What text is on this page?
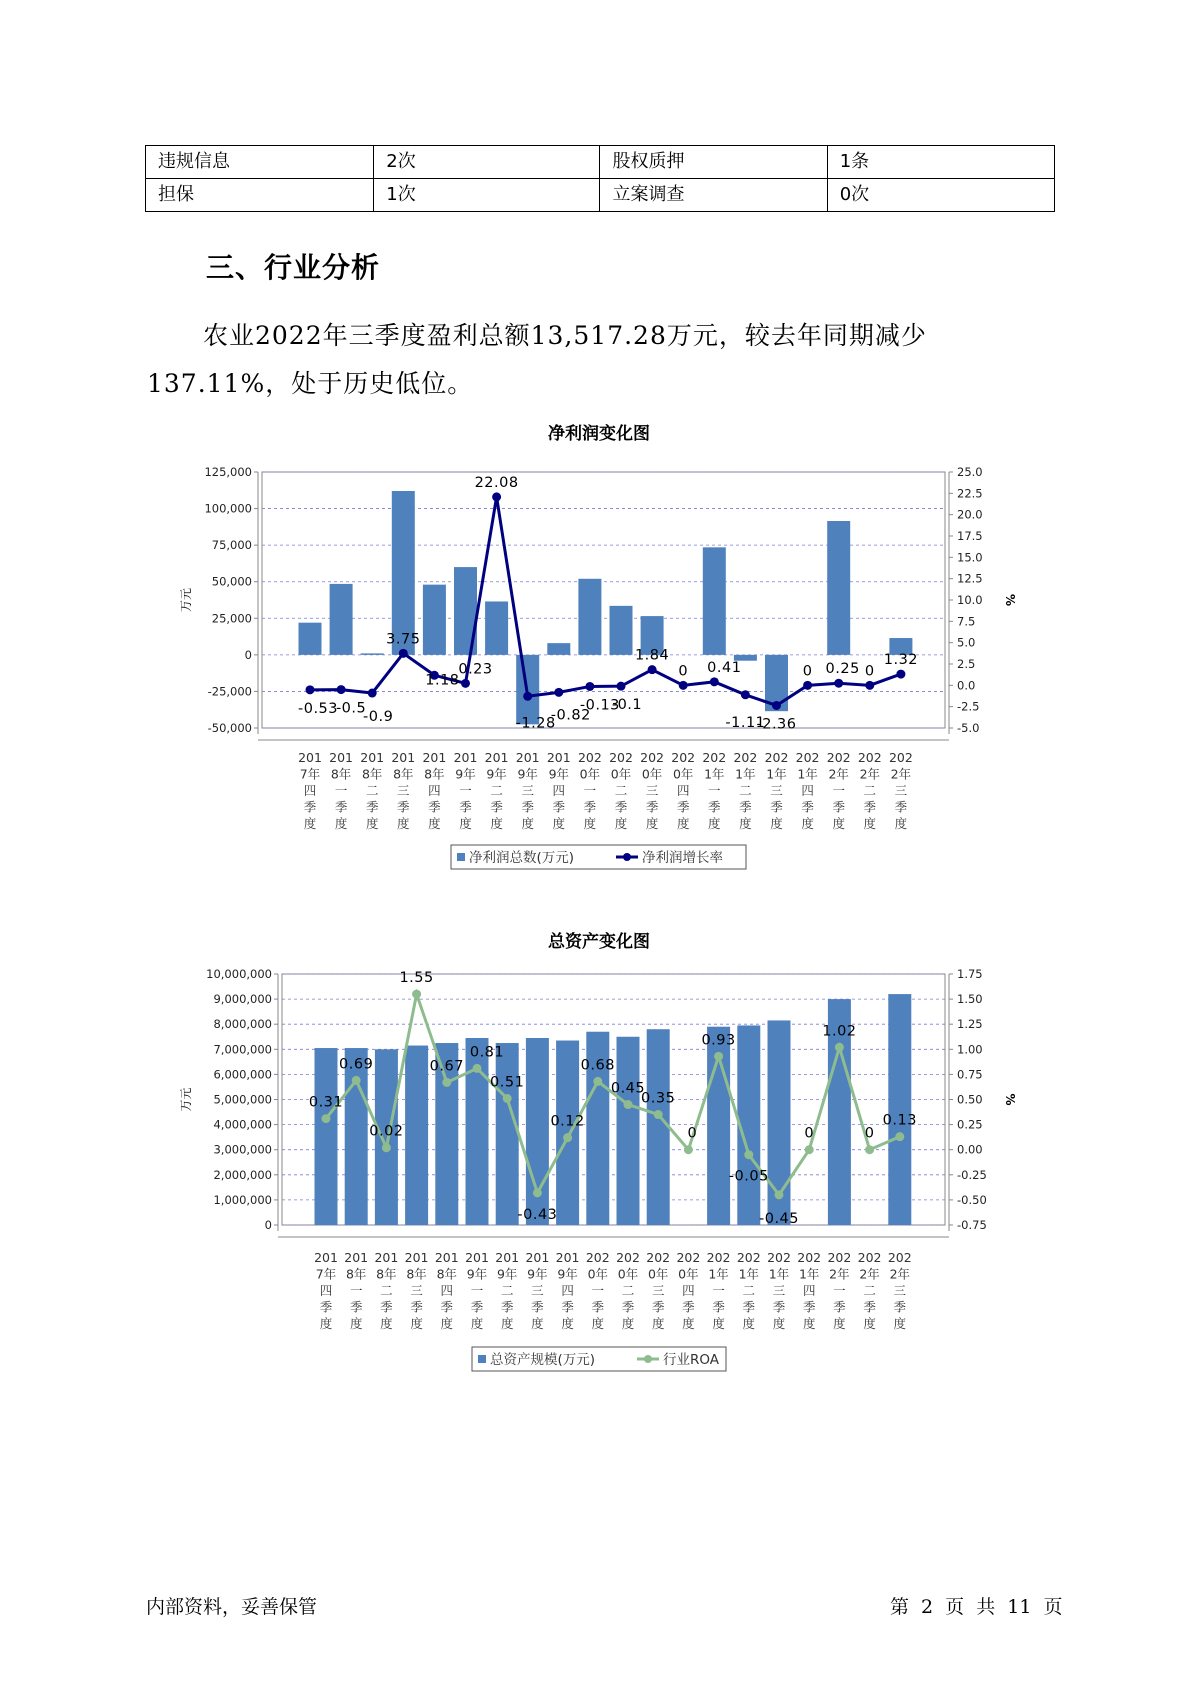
违规信息	2次	股权质押	1条
担保	1次	立案调查	0次
三、行业分析
农业2022年三季度盈利总额13,517.28万元，较去年同期减少137.11%，处于历史低位。
净利润变化图
125,000
100,000
75,000
50,000
25,000
0
-25,000
-50,000
25.0
22.5
20.0
17.5
15.0
12.5
10.0
7.5
5.0
2.5
0.0
-2.5
-5.0
万元	%
-0.53
-0.5
-0.9
3.75
1.18
0.23
22.08
-1.28
-0.82
-0.13
-0.1
1.84
0 0.41
-1.11
-2.36
0 0.25 0
1.32
201 7年四季度
201 8年一季度
201 8年二季度
201 8年三季度
201 8年四季度
201 9年一季度
201 9年二季度
201 9年三季度
201 9年四季度
202 0年一季度
202 0年二季度
202 0年三季度
202 0年四季度
202 1年一季度
202 1年二季度
202 1年三季度
202 1年四季度
202 2年一季度
202 2年二季度
202 2年三季度
净利润总数(万元)	净利润增长率
总资产变化图
10,000,000
9,000,000
8,000,000
7,000,000
6,000,000
5,000,000
4,000,000
3,000,000
2,000,000
1,000,000
0
1.75
1.50
1.25
1.00
0.75
0.50
0.25
0.00
-0.25
-0.50
-0.75
万元	%
0.31
0.69
0.02
1.55
0.67
0.81
0.51
-0.43
0.12
0.68
0.45
0.35
0
0.93
-0.05
-0.45
0
1.02
0
0.13
201 7年四季度
201 8年一季度
201 8年二季度
201 8年三季度
201 8年四季度
201 9年一季度
201 9年二季度
201 9年三季度
201 9年四季度
202 0年一季度
202 0年二季度
202 0年三季度
202 0年四季度
202 1年一季度
202 1年二季度
202 1年三季度
202 1年四季度
202 2年一季度
202 2年二季度
202 2年三季度
总资产规模(万元)	行业ROA
内部资料，妥善保管	第 2 页 共 11 页
